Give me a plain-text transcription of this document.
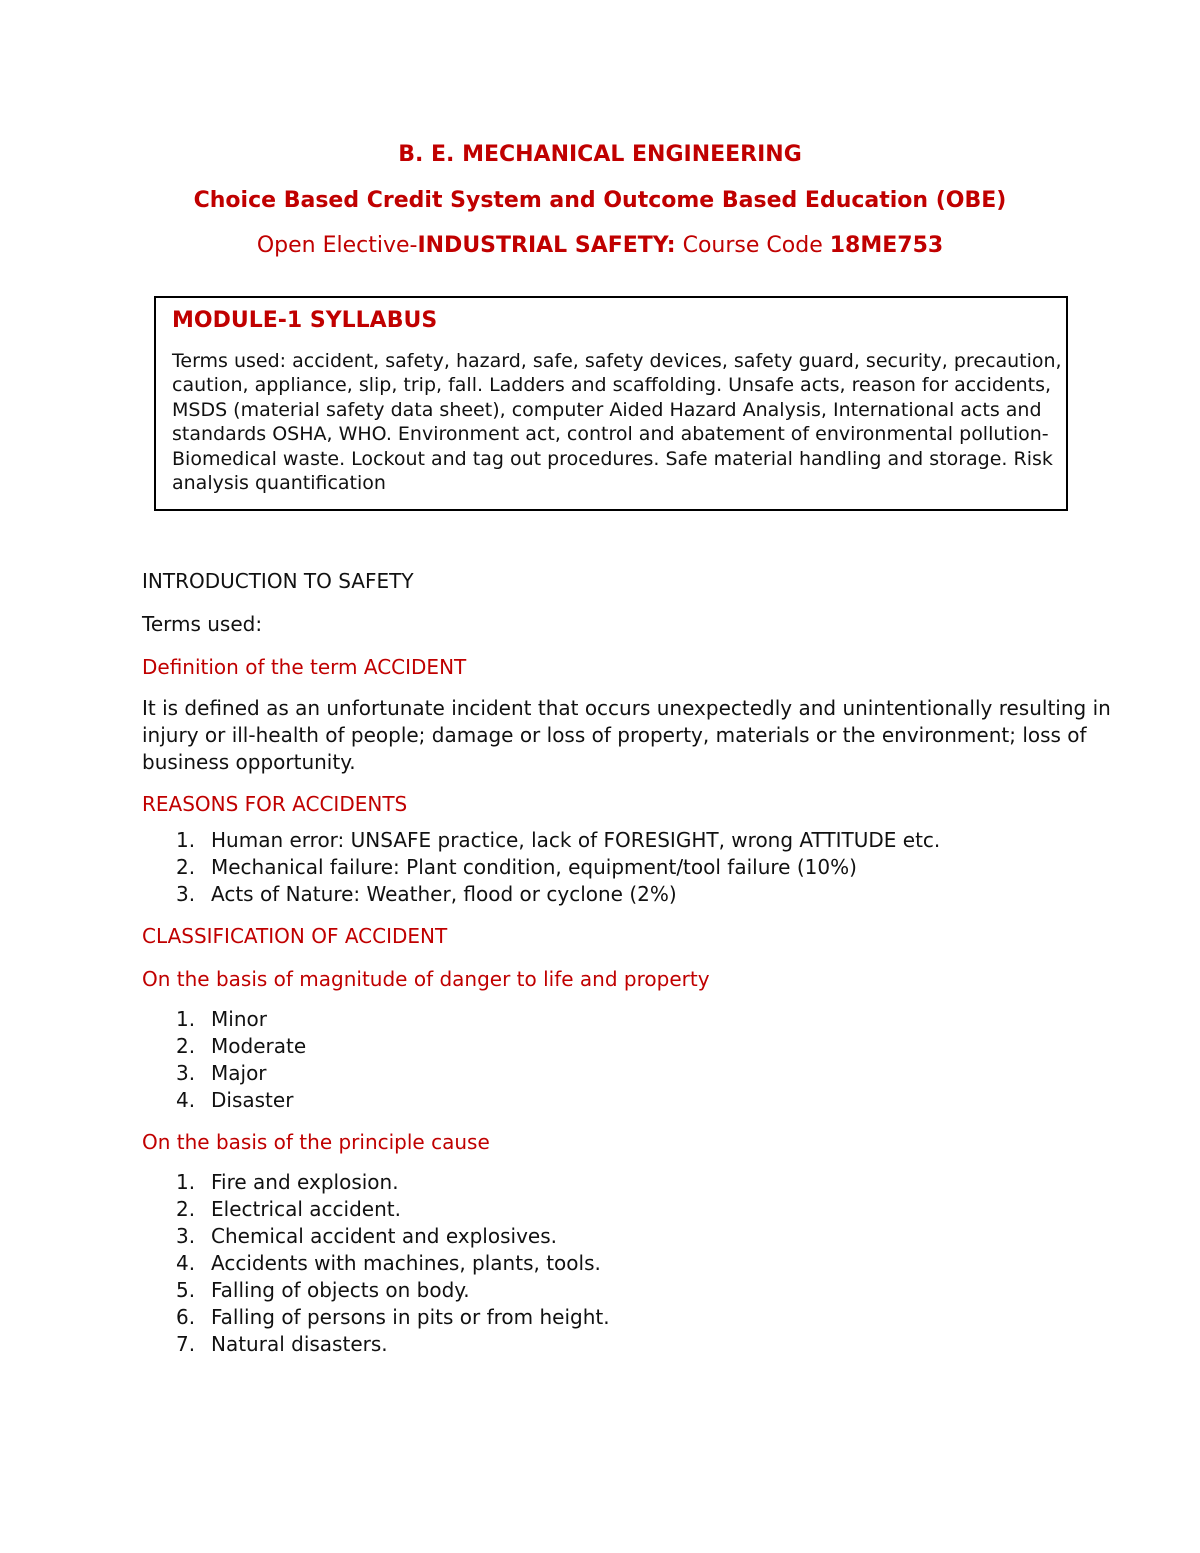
B. E. MECHANICAL ENGINEERING
Choice Based Credit System and Outcome Based Education (OBE)
Open Elective-INDUSTRIAL SAFETY: Course Code 18ME753
MODULE-1 SYLLABUS
Terms used: accident, safety, hazard, safe, safety devices, safety guard, security, precaution, caution, appliance, slip, trip, fall. Ladders and scaffolding. Unsafe acts, reason for accidents, MSDS (material safety data sheet), computer Aided Hazard Analysis, International acts and standards OSHA, WHO. Environment act, control and abatement of environmental pollution-Biomedical waste. Lockout and tag out procedures. Safe material handling and storage. Risk analysis quantification

INTRODUCTION TO SAFETY

Terms used:

Definition of the term ACCIDENT

It is defined as an unfortunate incident that occurs unexpectedly and unintentionally resulting in injury or ill-health of people; damage or loss of property, materials or the environment; loss of business opportunity.

REASONS FOR ACCIDENTS

1. Human error: UNSAFE practice, lack of FORESIGHT, wrong ATTITUDE etc.
2. Mechanical failure: Plant condition, equipment/tool failure (10%)
3. Acts of Nature: Weather, flood or cyclone (2%)

CLASSIFICATION OF ACCIDENT

On the basis of magnitude of danger to life and property

1. Minor
2. Moderate
3. Major
4. Disaster

On the basis of the principle cause

1. Fire and explosion.
2. Electrical accident.
3. Chemical accident and explosives.
4. Accidents with machines, plants, tools.
5. Falling of objects on body.
6. Falling of persons in pits or from height.
7. Natural disasters.
